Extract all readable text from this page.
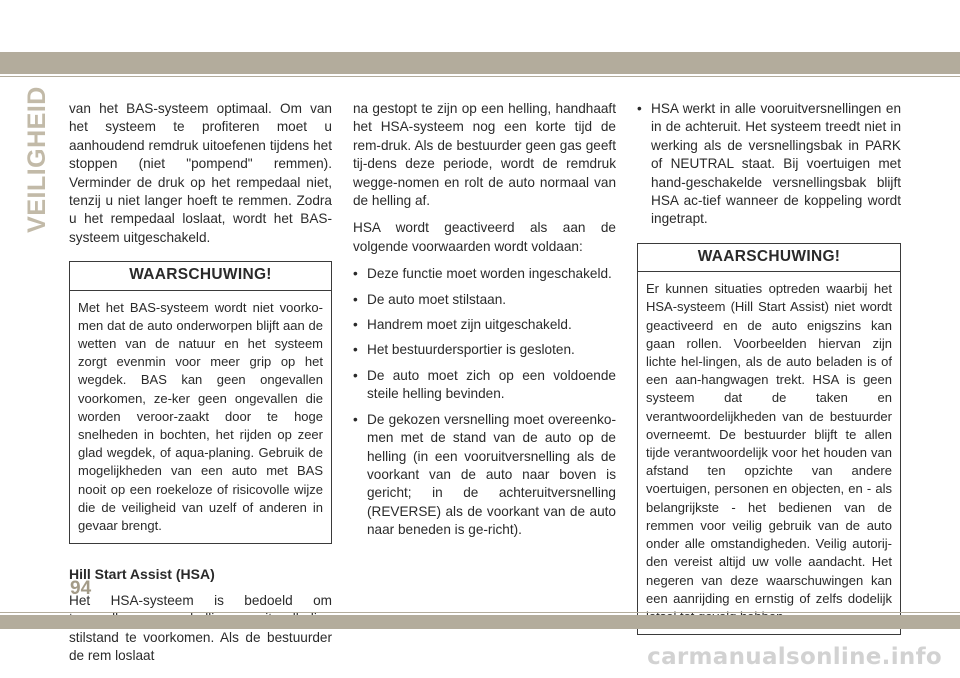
VEILIGHEID van het BAS-systeem optimaal. Om van het systeem te profiteren moet u aanhoudend remdruk uitoefenen tijdens het stoppen (niet "pompend" remmen). Verminder de druk op het rempedaal niet, tenzij u niet langer hoeft te remmen. Zodra u het rempedaal loslaat, wordt het BAS-systeem uitgeschakeld.

WAARSCHUWING!
Met het BAS-systeem wordt niet voorko-men dat de auto onderworpen blijft aan de wetten van de natuur en het systeem zorgt evenmin voor meer grip op het wegdek. BAS kan geen ongevallen voorkomen, ze-ker geen ongevallen die worden veroor-zaakt door te hoge snelheden in bochten, het rijden op zeer glad wegdek, of aqua-planing. Gebruik de mogelijkheden van een auto met BAS nooit op een roekeloze of risicovolle wijze die de veiligheid van uzelf of anderen in gevaar brengt.
Hill Start Assist (HSA)

Het HSA-systeem is bedoeld om stilstand te voorkomen. Als de bestuurder de rem loslaat

na gestopt te zijn op een helling, handhaaft het HSA-systeem nog een korte tijd de rem-druk. Als de bestuurder geen gas geeft tij-dens deze periode, wordt de remdruk wegge-nomen en rolt de auto normaal van de helling af.

HSA wordt geactiveerd als aan de volgende voorwaarden wordt voldaan:

• Deze functie moet worden ingeschakeld.
• De auto moet stilstaan.
• Handrem moet zijn uitgeschakeld.
• Het bestuurdersportier is gesloten.
• De auto moet zich op een voldoende steile helling bevinden.
• De gekozen versnelling moet overeenko-men met de stand van de auto op de helling (in een vooruitversnelling als de voorkant van de auto naar boven is gericht; in de achteruitversnelling (REVERSE) als de voorkant van de auto naar beneden is ge-richt).
• HSA werkt in alle vooruitversnellingen en in de achteruit. Het systeem treedt niet in werking als de versnellingsbak in PARK of NEUTRAL staat. Bij voertuigen met hand-geschakelde versnellingsbak blijft HSA ac-tief wanneer de koppeling wordt ingetrapt.
WAARSCHUWING!
Er kunnen situaties optreden waarbij het HSA-systeem (Hill Start Assist) niet wordt geactiveerd en de auto enigszins kan gaan rollen. Voorbeelden hiervan zijn lichte hel-lingen, als de auto beladen is of een aan-hangwagen trekt. HSA is geen systeem dat de taken en verantwoordelijkheden van de bestuurder overneemt. De bestuurder blijft te allen tijde verantwoordelijk voor het houden van afstand ten opzichte van andere voertuigen, personen en objecten, en - als belangrijkste - het bedienen van de remmen voor veilig gebruik van de auto onder alle omstandigheden. Veilig autorij-den vereist altijd uw volle aandacht. Het negeren van deze waarschuwingen kan een aanrijding en ernstig of zelfs dodelijk
94
carmanualsonline.info
